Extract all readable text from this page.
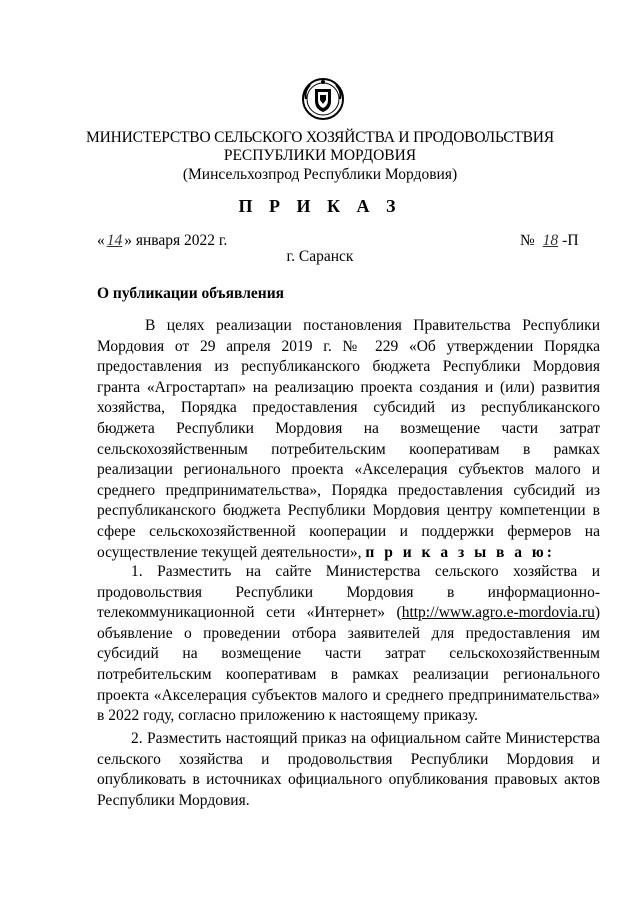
МИНИСТЕРСТВО СЕЛЬСКОГО ХОЗЯЙСТВА И ПРОДОВОЛЬСТВИЯ
РЕСПУБЛИКИ МОРДОВИЯ
(Минсельхозпрод Республики Мордовия)
П Р И К А З
« 14 » января 2022 г.	№ 18 -П
г. Саранск
О публикации объявления
В целях реализации постановления Правительства Республики Мордовия от 29 апреля 2019 г. № 229 «Об утверждении Порядка предоставления из республиканского бюджета Республики Мордовия гранта «Агростартап» на реализацию проекта создания и (или) развития хозяйства, Порядка предоставления субсидий из республиканского бюджета Республики Мордовия на возмещение части затрат сельскохозяйственным потребительским кооперативам в рамках реализации регионального проекта «Акселерация субъектов малого и среднего предпринимательства», Порядка предоставления субсидий из республиканского бюджета Республики Мордовия центру компетенции в сфере сельскохозяйственной кооперации и поддержки фермеров на осуществление текущей деятельности», п р и к а з ы в а ю:
1. Разместить на сайте Министерства сельского хозяйства и продовольствия Республики Мордовия в информационно-телекоммуникационной сети «Интернет» (http://www.agro.e-mordovia.ru) объявление о проведении отбора заявителей для предоставления им субсидий на возмещение части затрат сельскохозяйственным потребительским кооперативам в рамках реализации регионального проекта «Акселерация субъектов малого и среднего предпринимательства» в 2022 году, согласно приложению к настоящему приказу.
2. Разместить настоящий приказ на официальном сайте Министерства сельского хозяйства и продовольствия Республики Мордовия и опубликовать в источниках официального опубликования правовых актов Республики Мордовия.
